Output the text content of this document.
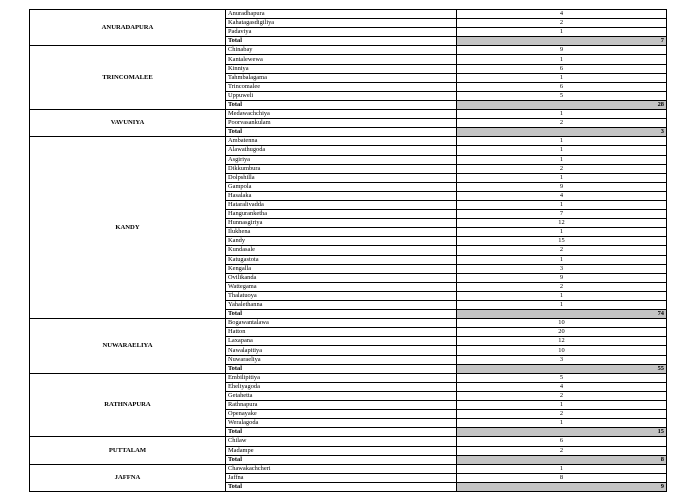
ANURADAPURA	Anuradhapura	4
	Kahatagasdigiliya	2
	Padaviya	1
	Total	7
TRINCOMALEE	Chinabay	9
	Kantalewewa	1
	Kinniya	6
	Tahmbalagama	1
	Trincomalee	6
	Uppuweli	5
	Total	28
VAVUNIYA	Medawachchiya	1
	Poorvasankulam	2
	Total	3
KANDY	Ambatenna	1
	Alawathugoda	1
	Asgiriya	1
	Dikkumbura	2
	Dolpshilla	1
	Gampola	9
	Hasalaka	4
	Hataralivadda	1
	Hanguranketha	7
	Hunnasgiriya	12
	Ilukhena	1
	Kandy	15
	Kundasale	2
	Katugastota	1
	Kengalla	3
	Ovilikanda	9
	Wattegama	2
	Thalatuoya	1
	Yahalethanna	1
	Total	74
NUWARAELIYA	Bogawantalawa	10
	Hatton	20
	Laxapana	12
	Nawalapitiya	10
	Nuwaraeliya	3
	Total	55
RATHNAPURA	Embilipitiya	5
	Eheliyagoda	4
	Getahetta	2
	Rathnapura	1
	Openayake	2
	Weralagoda	1
	Total	15
PUTTALAM	Chilaw	6
	Madampe	2
	Total	8
JAFFNA	Chawakachcheri	1
	Jaffna	8
	Total	9
